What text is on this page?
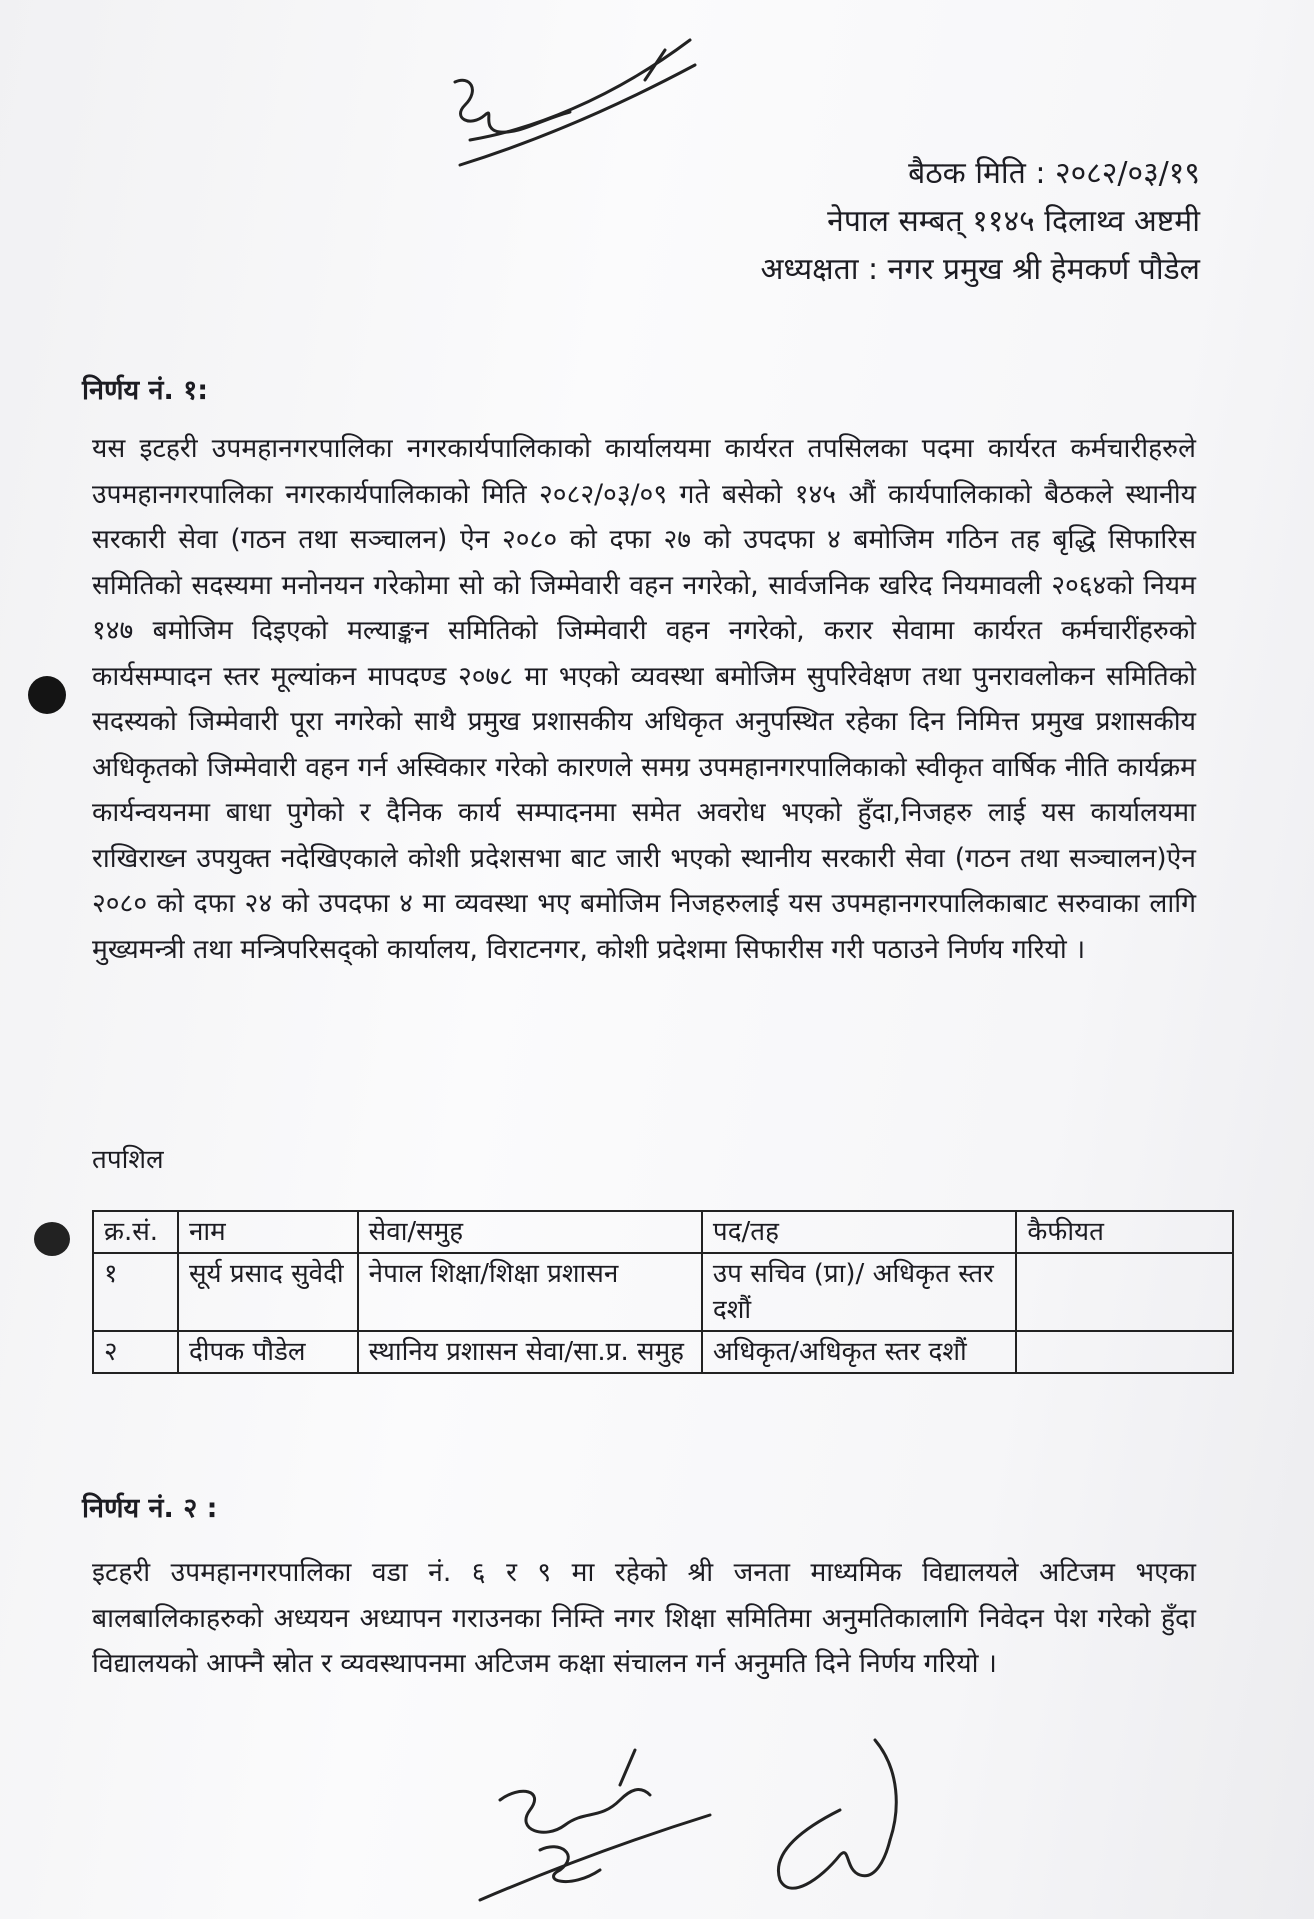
बैठक मिति : २०८२/०३/१९
नेपाल सम्बत् ११४५ दिलाथ्व अष्टमी
अध्यक्षता : नगर प्रमुख श्री हेमकर्ण पौडेल
निर्णय नं. १:
यस इटहरी उपमहानगरपालिका नगरकार्यपालिकाको कार्यालयमा कार्यरत तपसिलका पदमा कार्यरत कर्मचारीहरुले उपमहानगरपालिका नगरकार्यपालिकाको मिति २०८२/०३/०९ गते बसेको १४५ औं कार्यपालिकाको बैठकले स्थानीय सरकारी सेवा (गठन तथा सञ्चालन) ऐन २०८० को दफा २७ को उपदफा ४ बमोजिम गठिन तह बृद्धि सिफारिस समितिको सदस्यमा मनोनयन गरेकोमा सो को जिम्मेवारी वहन नगरेको, सार्वजनिक खरिद नियमावली २०६४को नियम १४७ बमोजिम दिइएको मल्याङ्कन समितिको जिम्मेवारी वहन नगरेको, करार सेवामा कार्यरत कर्मचारींहरुको कार्यसम्पादन स्तर मूल्यांकन मापदण्ड २०७८ मा भएको व्यवस्था बमोजिम सुपरिवेक्षण तथा पुनरावलोकन समितिको सदस्यको जिम्मेवारी पूरा नगरेको साथै प्रमुख प्रशासकीय अधिकृत अनुपस्थित रहेका दिन निमित्त प्रमुख प्रशासकीय अधिकृतको जिम्मेवारी वहन गर्न अस्विकार गरेको कारणले समग्र उपमहानगरपालिकाको स्वीकृत वार्षिक नीति कार्यक्रम कार्यन्वयनमा बाधा पुगेको र दैनिक कार्य सम्पादनमा समेत अवरोध भएको हुँदा,निजहरु लाई यस कार्यालयमा राखिराख्न उपयुक्त नदेखिएकाले कोशी प्रदेशसभा बाट जारी भएको स्थानीय सरकारी सेवा (गठन तथा सञ्चालन)ऐन २०८० को दफा २४ को उपदफा ४ मा व्यवस्था भए बमोजिम निजहरुलाई यस उपमहानगरपालिकाबाट सरुवाका लागि मुख्यमन्त्री तथा मन्त्रिपरिसद्को कार्यालय, विराटनगर, कोशी प्रदेशमा सिफारीस गरी पठाउने निर्णय गरियो ।
तपशिल
क्र.सं.	नाम	सेवा/समुह	पद/तह	कैफीयत
१	सूर्य प्रसाद सुवेदी	नेपाल शिक्षा/शिक्षा प्रशासन	उप सचिव (प्रा)/ अधिकृत स्तर दशौं	
२	दीपक पौडेल	स्थानिय प्रशासन सेवा/सा.प्र. समुह	अधिकृत/अधिकृत स्तर दशौं	
निर्णय नं. २ :
इटहरी उपमहानगरपालिका वडा नं. ६ र ९ मा रहेको श्री जनता माध्यमिक विद्यालयले अटिजम भएका बालबालिकाहरुको अध्ययन अध्यापन गराउनका निम्ति नगर शिक्षा समितिमा अनुमतिकालागि निवेदन पेश गरेको हुँदा विद्यालयको आफ्नै स्रोत र व्यवस्थापनमा अटिजम कक्षा संचालन गर्न अनुमति दिने निर्णय गरियो ।
